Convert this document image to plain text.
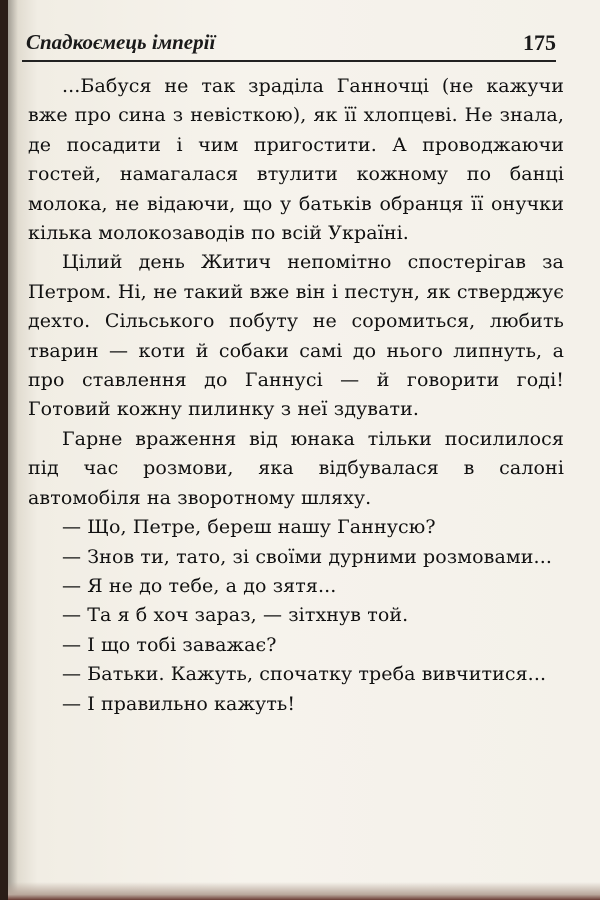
Спадкоємець імперії	175

...Бабуся не так зраділа Ганночці (не кажучи вже про сина з невісткою), як її хлопцеві. Не знала, де посадити і чим пригостити. А проводжаючи гостей, намагалася втулити кожному по банці молока, не відаючи, що у батьків обранця її онучки кілька молокозаводів по всій Україні.

Цілий день Житич непомітно спостерігав за Петром. Ні, не такий вже він і пестун, як стверджує дехто. Сільського побуту не соромиться, любить тварин — коти й собаки самі до нього липнуть, а про ставлення до Ганнусі — й говорити годі! Готовий кожну пилинку з неї здувати.

Гарне враження від юнака тільки посилилося під час розмови, яка відбувалася в салоні автомобіля на зворотному шляху.

— Що, Петре, береш нашу Ганнусю?

— Знов ти, тато, зі своїми дурними розмовами...

— Я не до тебе, а до зятя...

— Та я б хоч зараз, — зітхнув той.

— І що тобі заважає?

— Батьки. Кажуть, спочатку треба вивчитися...

— І правильно кажуть!
